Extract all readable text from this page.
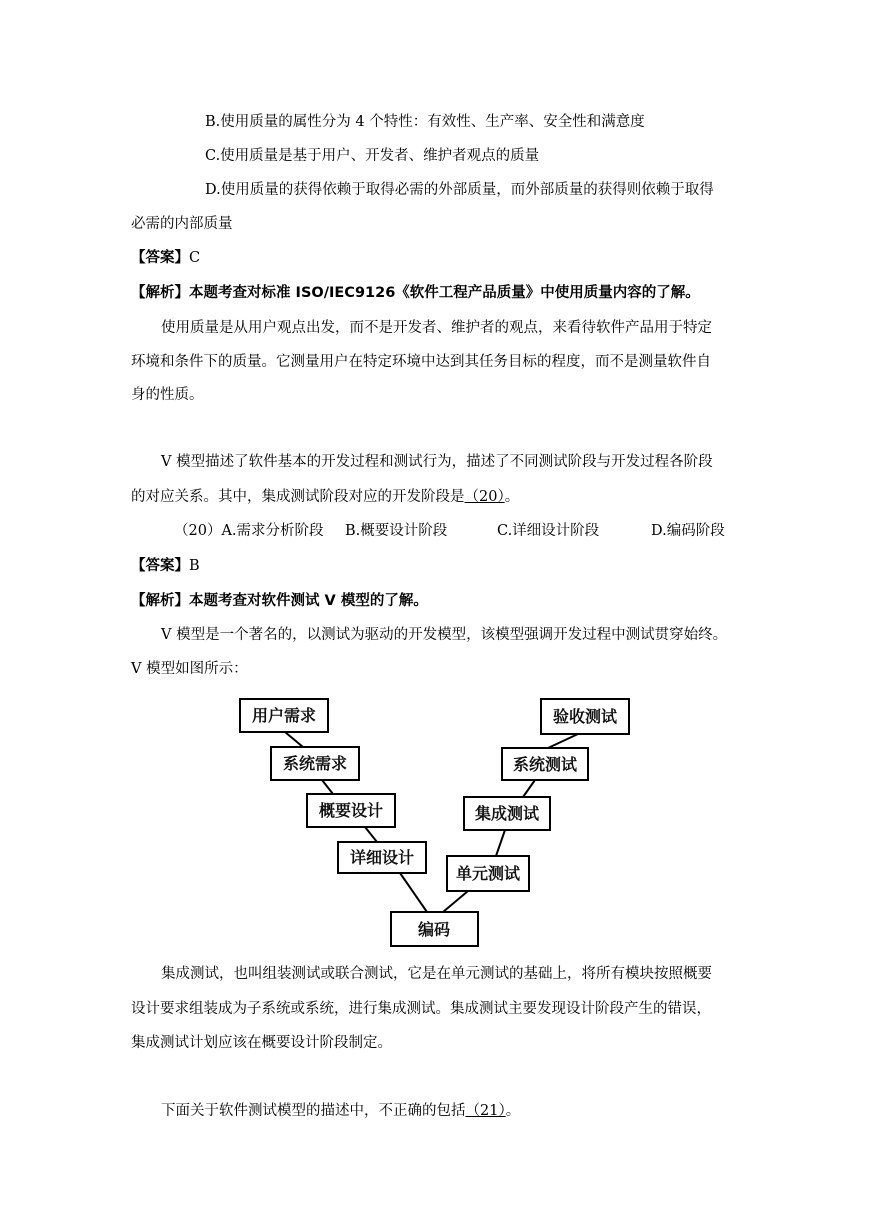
B.使用质量的属性分为 4 个特性：有效性、生产率、安全性和满意度
C.使用质量是基于用户、开发者、维护者观点的质量
D.使用质量的获得依赖于取得必需的外部质量，而外部质量的获得则依赖于取得
必需的内部质量
【答案】C
【解析】本题考查对标准 ISO/IEC9126《软件工程产品质量》中使用质量内容的了解。
使用质量是从用户观点出发，而不是开发者、维护者的观点，来看待软件产品用于特定
环境和条件下的质量。它测量用户在特定环境中达到其任务目标的程度，而不是测量软件自
身的性质。
V 模型描述了软件基本的开发过程和测试行为，描述了不同测试阶段与开发过程各阶段
的对应关系。其中，集成测试阶段对应的开发阶段是（20）。
（20）A.需求分析阶段 B.概要设计阶段	C.详细设计阶段	D.编码阶段
【答案】B
【解析】本题考查对软件测试 V 模型的了解。
V 模型是一个著名的，以测试为驱动的开发模型，该模型强调开发过程中测试贯穿始终。
V 模型如图所示：
用户需求
系统需求
概要设计
详细设计
编码
单元测试
集成测试
系统测试
验收测试
集成测试，也叫组装测试或联合测试，它是在单元测试的基础上，将所有模块按照概要
设计要求组装成为子系统或系统，进行集成测试。集成测试主要发现设计阶段产生的错误，
集成测试计划应该在概要设计阶段制定。
下面关于软件测试模型的描述中，不正确的包括（21）。
